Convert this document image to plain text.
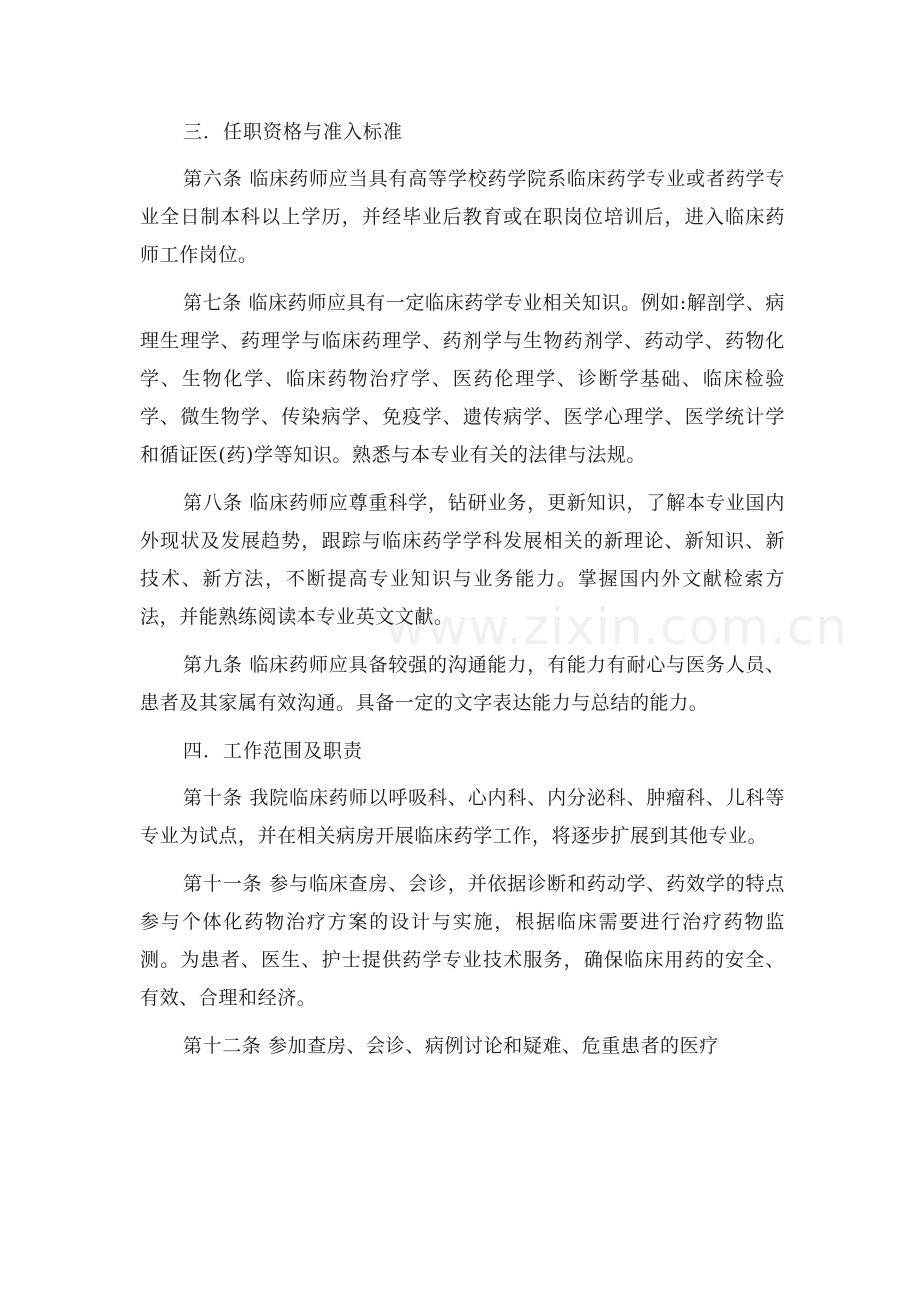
三．任职资格与准入标准

第六条 临床药师应当具有高等学校药学院系临床药学专业或者药学专业全日制本科以上学历，并经毕业后教育或在职岗位培训后，进入临床药师工作岗位。

第七条 临床药师应具有一定临床药学专业相关知识。例如:解剖学、病理生理学、药理学与临床药理学、药剂学与生物药剂学、药动学、药物化学、生物化学、临床药物治疗学、医药伦理学、诊断学基础、临床检验学、微生物学、传染病学、免疫学、遗传病学、医学心理学、医学统计学和循证医(药)学等知识。熟悉与本专业有关的法律与法规。

第八条 临床药师应尊重科学，钻研业务，更新知识，了解本专业国内外现状及发展趋势，跟踪与临床药学学科发展相关的新理论、新知识、新技术、新方法，不断提高专业知识与业务能力。掌握国内外文献检索方法，并能熟练阅读本专业英文文献。

第九条 临床药师应具备较强的沟通能力，有能力有耐心与医务人员、患者及其家属有效沟通。具备一定的文字表达能力与总结的能力。

四．工作范围及职责

第十条 我院临床药师以呼吸科、心内科、内分泌科、肿瘤科、儿科等专业为试点，并在相关病房开展临床药学工作，将逐步扩展到其他专业。

第十一条 参与临床查房、会诊，并依据诊断和药动学、药效学的特点参与个体化药物治疗方案的设计与实施，根据临床需要进行治疗药物监测。为患者、医生、护士提供药学专业技术服务，确保临床用药的安全、有效、合理和经济。

第十二条 参加查房、会诊、病例讨论和疑难、危重患者的医疗

www.zixin.com.cn
